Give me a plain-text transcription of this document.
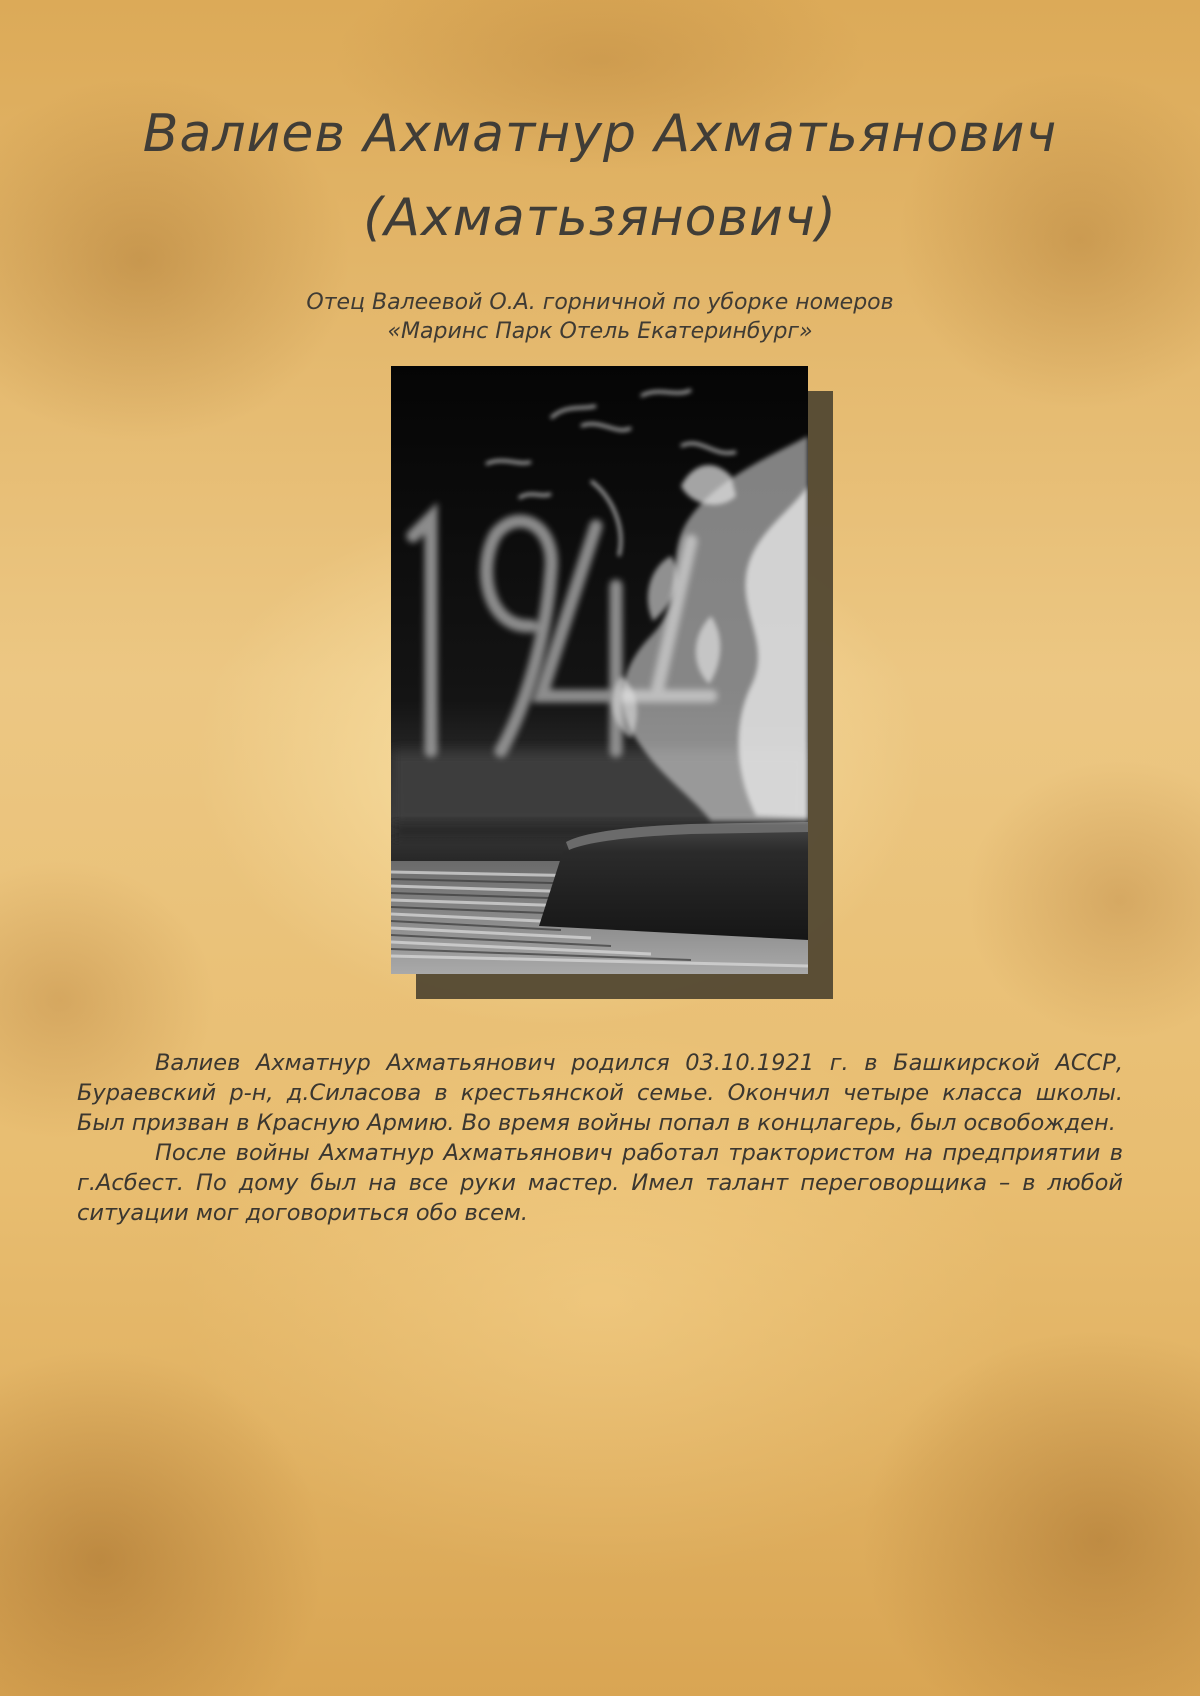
Валиев Ахматнур Ахматьянович
(Ахматьзянович)
Отец Валеевой О.А. горничной по уборке номеров
«Маринс Парк Отель Екатеринбург»

Валиев Ахматнур Ахматьянович родился 03.10.1921 г. в Башкирской АССР, Бураевский р-н, д.Силасова в крестьянской семье. Окончил четыре класса школы. Был призван в Красную Армию. Во время войны попал в концлагерь, был освобожден.

После войны Ахматнур Ахматьянович работал трактористом на предприятии в г.Асбест. По дому был на все руки мастер. Имел талант переговорщика – в любой ситуации мог договориться обо всем.
